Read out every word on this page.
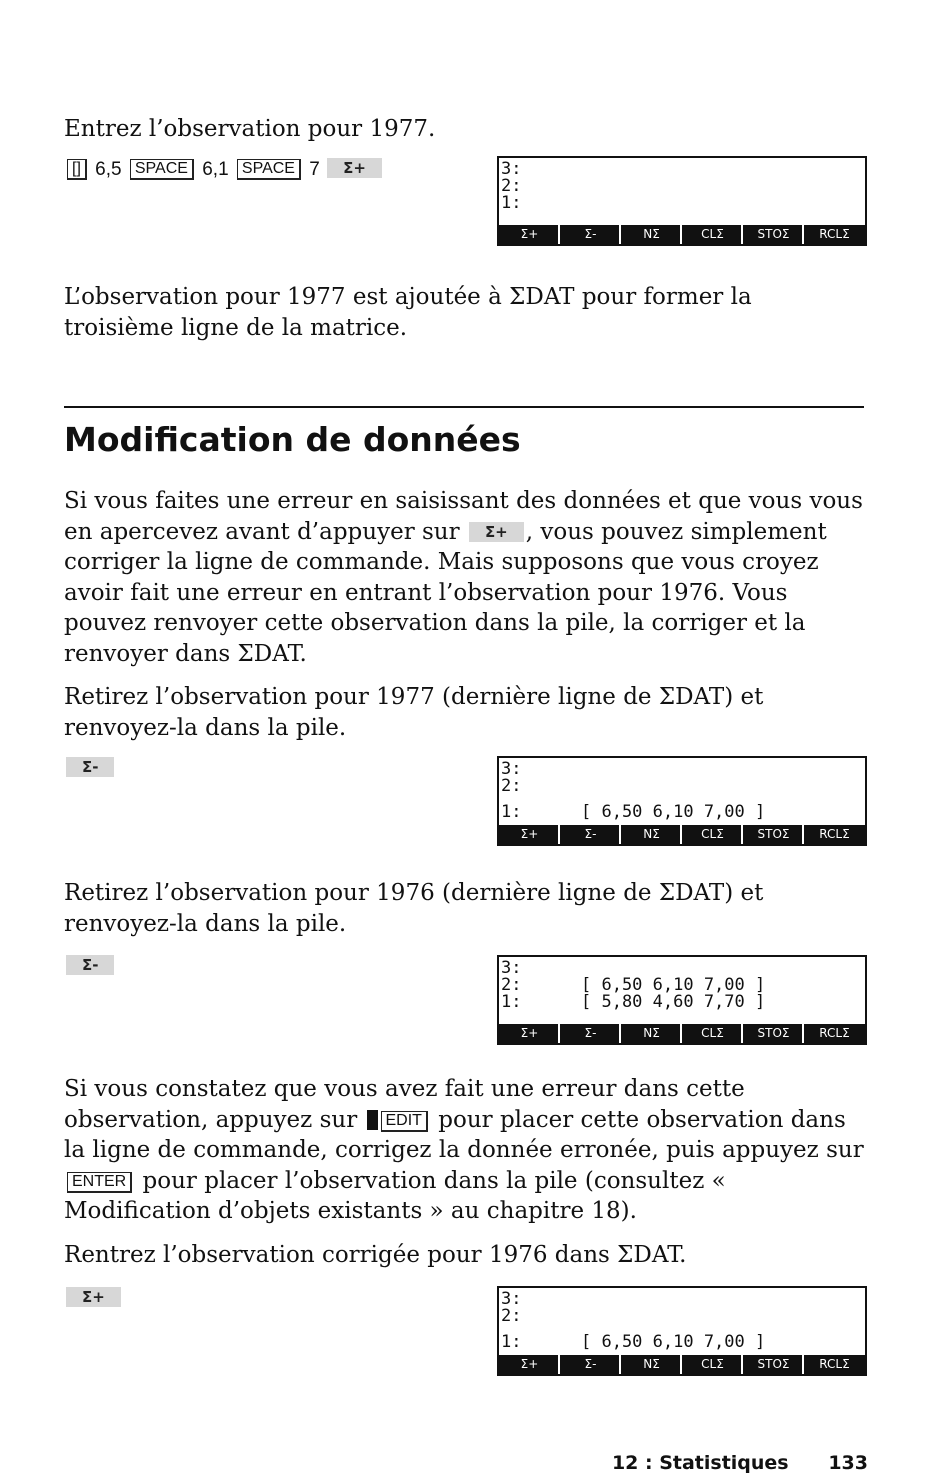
Entrez l’observation pour 1977.

[] 6,5 SPACE 6,1 SPACE 7 Σ+	3:
2:
1:
Σ+	Σ-	NΣ	CLΣ	STOΣ	RCLΣ

L’observation pour 1977 est ajoutée à ΣDAT pour former la troisième ligne de la matrice.

Modification de données

Si vous faites une erreur en saisissant des données et que vous vous en apercevez avant d’appuyer sur Σ+ , vous pouvez simplement corriger la ligne de commande. Mais supposons que vous croyez avoir fait une erreur en entrant l’observation pour 1976. Vous pouvez renvoyer cette observation dans la pile, la corriger et la renvoyer dans ΣDAT.

Retirez l’observation pour 1977 (dernière ligne de ΣDAT) et renvoyez-la dans la pile.

Σ-	3:
2:
1:	[ 6,50 6,10 7,00 ]
Σ+	Σ-	NΣ	CLΣ	STOΣ	RCLΣ

Retirez l’observation pour 1976 (dernière ligne de ΣDAT) et renvoyez-la dans la pile.

Σ-	3:
2:	[ 6,50 6,10 7,00 ]
1:	[ 5,80 4,60 7,70 ]
Σ+	Σ-	NΣ	CLΣ	STOΣ	RCLΣ

Si vous constatez que vous avez fait une erreur dans cette observation, appuyez sur EDIT pour placer cette observation dans la ligne de commande, corrigez la donnée erronée, puis appuyez sur ENTER pour placer l’observation dans la pile (consultez « Modification d’objets existants » au chapitre 18).

Rentrez l’observation corrigée pour 1976 dans ΣDAT.

Σ+	3:
2:
1:	[ 6,50 6,10 7,00 ]
Σ+	Σ-	NΣ	CLΣ	STOΣ	RCLΣ
12 : Statistiques 133
